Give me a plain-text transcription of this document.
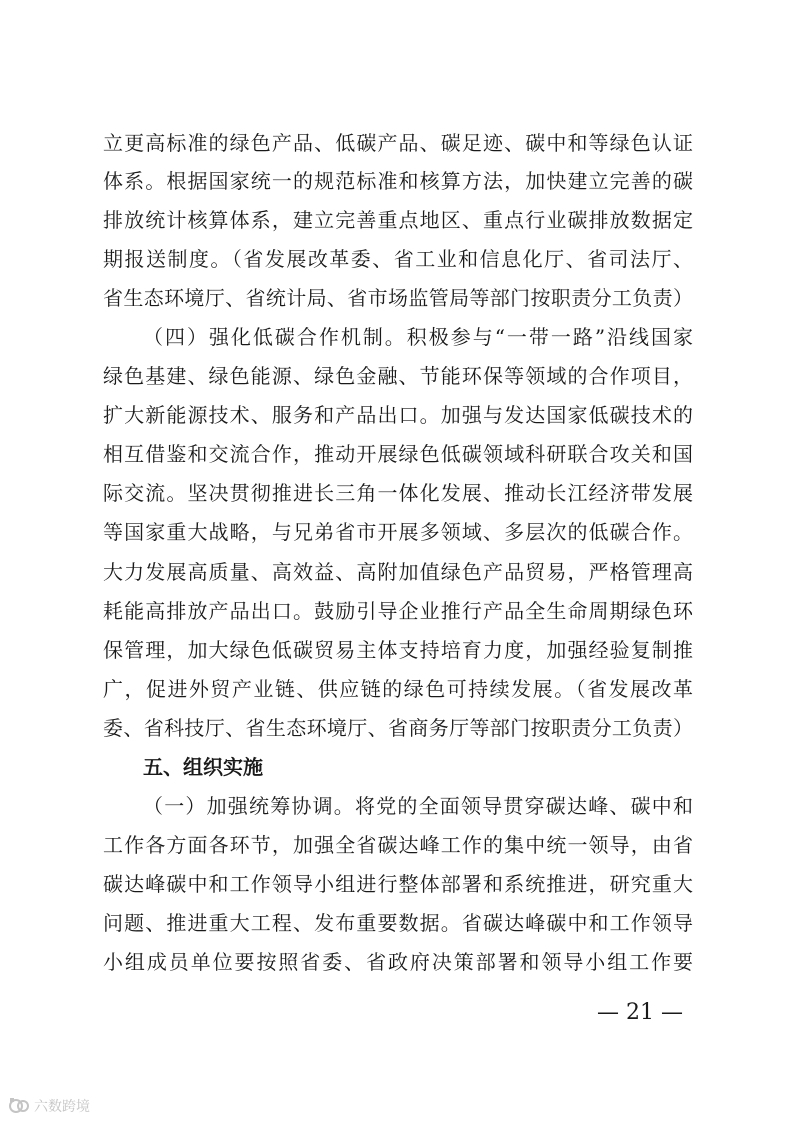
立更高标准的绿色产品、低碳产品、碳足迹、碳中和等绿色认证
体系。根据国家统一的规范标准和核算方法，加快建立完善的碳
排放统计核算体系，建立完善重点地区、重点行业碳排放数据定
期报送制度。（省发展改革委、省工业和信息化厅、省司法厅、
省生态环境厅、省统计局、省市场监管局等部门按职责分工负责）
（四）强化低碳合作机制。积极参与“一带一路”沿线国家
绿色基建、绿色能源、绿色金融、节能环保等领域的合作项目，
扩大新能源技术、服务和产品出口。加强与发达国家低碳技术的
相互借鉴和交流合作，推动开展绿色低碳领域科研联合攻关和国
际交流。坚决贯彻推进长三角一体化发展、推动长江经济带发展
等国家重大战略，与兄弟省市开展多领域、多层次的低碳合作。
大力发展高质量、高效益、高附加值绿色产品贸易，严格管理高
耗能高排放产品出口。鼓励引导企业推行产品全生命周期绿色环
保管理，加大绿色低碳贸易主体支持培育力度，加强经验复制推
广，促进外贸产业链、供应链的绿色可持续发展。（省发展改革
委、省科技厅、省生态环境厅、省商务厅等部门按职责分工负责）
五、组织实施
（一）加强统筹协调。将党的全面领导贯穿碳达峰、碳中和
工作各方面各环节，加强全省碳达峰工作的集中统一领导，由省
碳达峰碳中和工作领导小组进行整体部署和系统推进，研究重大
问题、推进重大工程、发布重要数据。省碳达峰碳中和工作领导
小组成员单位要按照省委、省政府决策部署和领导小组工作要
— 21 —
六数跨境
